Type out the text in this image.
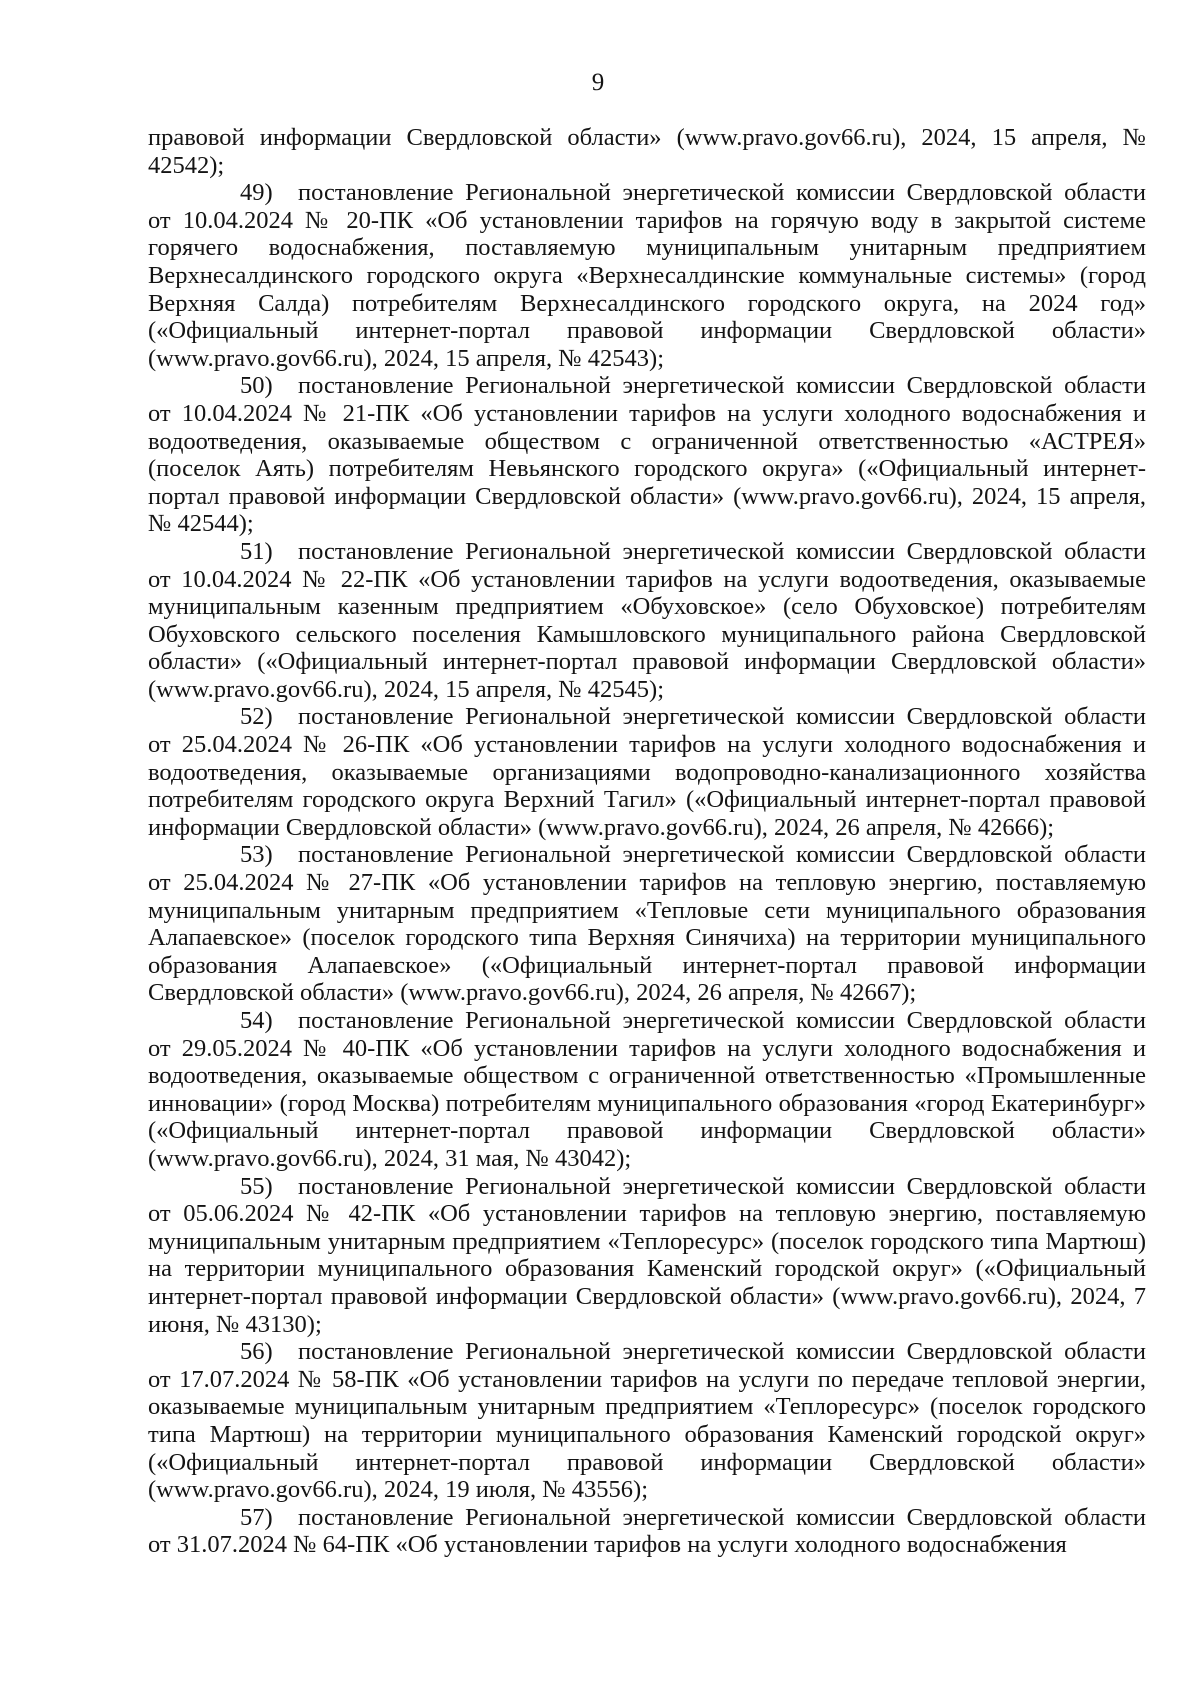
9

правовой информации Свердловской области» (www.pravo.gov66.ru), 2024, 15 апреля, № 42542);

49) постановление Региональной энергетической комиссии Свердловской области от 10.04.2024 № 20-ПК «Об установлении тарифов на горячую воду в закрытой системе горячего водоснабжения, поставляемую муниципальным унитарным предприятием Верхнесалдинского городского округа «Верхнесалдинские коммунальные системы» (город Верхняя Салда) потребителям Верхнесалдинского городского округа, на 2024 год» («Официальный интернет-портал правовой информации Свердловской области» (www.pravo.gov66.ru), 2024, 15 апреля, № 42543);

50) постановление Региональной энергетической комиссии Свердловской области от 10.04.2024 № 21-ПК «Об установлении тарифов на услуги холодного водоснабжения и водоотведения, оказываемые обществом с ограниченной ответственностью «АСТРЕЯ» (поселок Аять) потребителям Невьянского городского округа» («Официальный интернет-портал правовой информации Свердловской области» (www.pravo.gov66.ru), 2024, 15 апреля, № 42544);

51) постановление Региональной энергетической комиссии Свердловской области от 10.04.2024 № 22-ПК «Об установлении тарифов на услуги водоотведения, оказываемые муниципальным казенным предприятием «Обуховское» (село Обуховское) потребителям Обуховского сельского поселения Камышловского муниципального района Свердловской области» («Официальный интернет-портал правовой информации Свердловской области» (www.pravo.gov66.ru), 2024, 15 апреля, № 42545);

52) постановление Региональной энергетической комиссии Свердловской области от 25.04.2024 № 26-ПК «Об установлении тарифов на услуги холодного водоснабжения и водоотведения, оказываемые организациями водопроводно-канализационного хозяйства потребителям городского округа Верхний Тагил» («Официальный интернет-портал правовой информации Свердловской области» (www.pravo.gov66.ru), 2024, 26 апреля, № 42666);

53) постановление Региональной энергетической комиссии Свердловской области от 25.04.2024 № 27-ПК «Об установлении тарифов на тепловую энергию, поставляемую муниципальным унитарным предприятием «Тепловые сети муниципального образования Алапаевское» (поселок городского типа Верхняя Синячиха) на территории муниципального образования Алапаевское» («Официальный интернет-портал правовой информации Свердловской области» (www.pravo.gov66.ru), 2024, 26 апреля, № 42667);

54) постановление Региональной энергетической комиссии Свердловской области от 29.05.2024 № 40-ПК «Об установлении тарифов на услуги холодного водоснабжения и водоотведения, оказываемые обществом с ограниченной ответственностью «Промышленные инновации» (город Москва) потребителям муниципального образования «город Екатеринбург» («Официальный интернет-портал правовой информации Свердловской области» (www.pravo.gov66.ru), 2024, 31 мая, № 43042);

55) постановление Региональной энергетической комиссии Свердловской области от 05.06.2024 № 42-ПК «Об установлении тарифов на тепловую энергию, поставляемую муниципальным унитарным предприятием «Теплоресурс» (поселок городского типа Мартюш) на территории муниципального образования Каменский городской округ» («Официальный интернет-портал правовой информации Свердловской области» (www.pravo.gov66.ru), 2024, 7 июня, № 43130);

56) постановление Региональной энергетической комиссии Свердловской области от 17.07.2024 № 58-ПК «Об установлении тарифов на услуги по передаче тепловой энергии, оказываемые муниципальным унитарным предприятием «Теплоресурс» (поселок городского типа Мартюш) на территории муниципального образования Каменский городской округ» («Официальный интернет-портал правовой информации Свердловской области» (www.pravo.gov66.ru), 2024, 19 июля, № 43556);

57) постановление Региональной энергетической комиссии Свердловской области от 31.07.2024 № 64-ПК «Об установлении тарифов на услуги холодного водоснабжения
